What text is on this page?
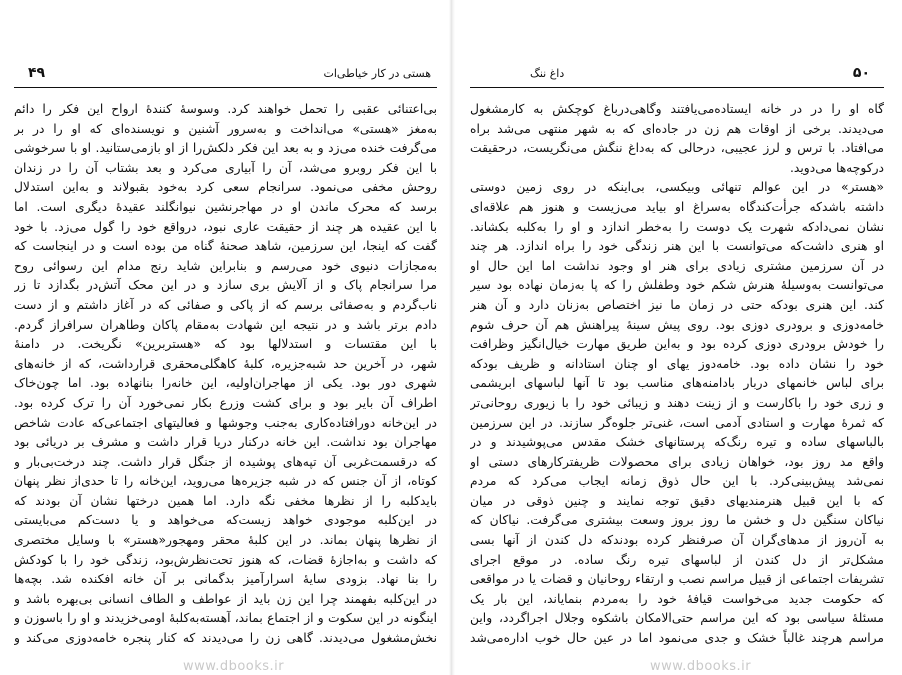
۴۹	هستی در کار خیاطی‌ات
بی‌اعتنائی عقبی را تحمل خواهند کرد. وسوسهٔ کنندهٔ ارواح این فکر را دائم
به‌مغز «هستی» می‌انداخت و به‌سرور آشنین و نویسنده‌ای که او را در بر
می‌گرفت خنده می‌زد و به بعد این فکر دلکش‌را از او بازمی‌ستانید. او با سرخوشی
با این فکر روبرو می‌شد، آن را آبیاری می‌کرد و بعد بشتاب آن را در زندان
روحش مخفی می‌نمود. سرانجام سعی کرد به‌خود بقبولاند و به‌این استدلال
برسد که محرک ماندن او در مهاجرنشین نیوانگلند عقیدهٔ دیگری است. اما
با این عقیده هر چند از حقیقت عاری نبود، درواقع خود را گول می‌زد. با خود
گفت که اینجا، این سرزمین، شاهد صحنهٔ گناه من بوده است و در اینجاست که
به‌مجازات دنیوی خود می‌رسم و بنابراین شاید رنج مدام این رسوائی روح
مرا سرانجام پاک و از آلایش بری سازد و در این محک آتش‌در بگدازد تا زر
ناب‌گردم و به‌صفائی برسم که از پاکی و صفائی که در آغاز داشتم و از دست
دادم برتر باشد و در نتیجه این شهادت به‌مقام پاکان وطاهران سرافراز گردم.
با این مقتسات و استدلالها بود که «هستربرین» نگریخت. در دامنهٔ
شهر، در آخرین حد شبه‌جزیره، کلبهٔ کاهگلی‌محقری قرارداشت، که از خانه‌های
شهری دور بود. یکی از مهاجران‌اولیه، این خانه‌را بنانهاده بود. اما چون‌خاک
اطراف آن بایر بود و برای کشت وزرع بکار نمی‌خورد آن را ترک کرده بود.
در این‌خانه دورافتاده‌کاری به‌جنب وجوشها و فعالیتهای اجتماعی‌که عادت شاخص
مهاجران بود نداشت. این خانه درکنار دریا قرار داشت و مشرف بر دریائی بود
که درقسمت‌غربی آن تپه‌های پوشیده از جنگل قرار داشت. چند درخت‌بی‌بار و
کوتاه، از آن جنس که در شبه جزیره‌ها می‌روید، این‌خانه را تا حدی‌از نظر پنهان
بایدکلبه را از نظرها مخفی نگه دارد. اما همین درختها نشان آن بودند که
در این‌کلبه موجودی خواهد زیست‌که می‌خواهد و یا دست‌کم می‌بایستی
از نظرها پنهان بماند. در این کلبهٔ محقر و‌مهجور«هستر» با وسایل مختصری
که داشت و به‌اجازهٔ قضات، که هنوز تحت‌نظرش‌بود، زندگی خود را با کودکش
را بنا نهاد. بزودی سایهٔ اسرارآمیز بدگمانی بر آن خانه افکنده شد. بچه‌ها
در این‌کلبه بفهمند چرا این زن باید از عواطف و الطاف انسانی بی‌بهره باشد و
اینگونه در این سکوت و از اجتماع بماند، آهسته‌به‌کلبهٔ اومی‌خزیدند و او را باسوزن و
نخش‌مشغول می‌دیدند. گاهی زن را می‌دیدند که کنار پنجره خامه‌دوزی می‌کند و
۵۰
داغ ننگ
گاه او را در در خانه ایستاده‌می‌یافتند وگاهی‌درباغ کوچکش به کارمشغول
می‌دیدند. برخی از اوقات هم زن در جاده‌ای که به شهر منتهی می‌شد براه
می‌افتاد. با ترس و لرز عجیبی، درحالی که به‌داغ ننگش می‌نگریست، درحقیقت
درکوچه‌ها می‌دوید.
«هستر» در این عوالم تنهائی وبیکسی، بی‌اینکه در روی زمین دوستی
داشته باشدکه جرأت‌کندگاه به‌سراغ او بیاید می‌زیست و هنوز هم علاقه‌ای
نشان نمی‌دادکه شهرت یک دوست را به‌خطر اندازد و او را به‌کلبه بکشاند.
او هنری داشت‌که می‌توانست با این هنر زندگی خود را براه اندازد. هر چند
در آن سرزمین مشتری زیادی برای هنر او وجود نداشت اما این حال او
می‌توانست به‌وسیلهٔ هنرش شکم خود وطفلش را که پا به‌زمان نهاده بود سیر
کند. این هنری بودکه حتی در زمان ما نیز اختصاص به‌زنان دارد و آن هنر
خامه‌دوزی و برودری دوزی بود. روی پیش سینهٔ پیراهنش هم آن حرف شوم
را خودش برودری دوزی کرده بود و به‌این طریق مهارت خیال‌انگیز وظرافت
خود را نشان داده بود. خامه‌دوز یهای او چنان استادانه و ظریف بودکه
برای لباس خانمهای دربار بادامنه‌های مناسب بود تا آنها لباسهای ابریشمی
و زری خود را باکارست و از زینت دهند و زیبائی خود را با زیوری روحانی‌تر
که ثمرهٔ مهارت و استادی آدمی است، غنی‌تر جلوه‌گر سازند. در این سرزمین
بالباسهای ساده و تیره رنگ‌که پرستانهای خشک مقدس می‌پوشیدند و در
واقع مد روز بود، خواهان زیادی برای محصولات ظریفترکارهای دستی او
نمی‌شد پیش‌بینی‌کرد. با این حال ذوق زمانه ایجاب می‌کرد که مردم
که با این قبیل هنرمندیهای دقیق توجه نمایند و چنین ذوقی در میان
نیاکان سنگین دل و خشن ما روز بروز وسعت بیشتری می‌گرفت. نیاکان که
به آن‌روز از مدهای‌گران آن صرفنظر کرده بودند‌که دل کندن از آنها بسی
مشکل‌تر از دل کندن از لباسهای تیره رنگ ساده. در موقع اجرای
تشریفات اجتماعی از قبیل مراسم نصب و ارتقاء روحانیان و قضات یا در مواقعی
که حکومت جدید می‌خواست قیافهٔ خود را به‌مردم بنمایاند، این بار یک
مسئلهٔ سیاسی بود که این مراسم حتی‌الامکان باشکوه وجلال اجراگردد، واین
مراسم هرچند غالباً خشک و جدی می‌نمود اما در عین حال خوب اداره‌می‌شد
www.dbooks.ir	www.dbooks.ir
